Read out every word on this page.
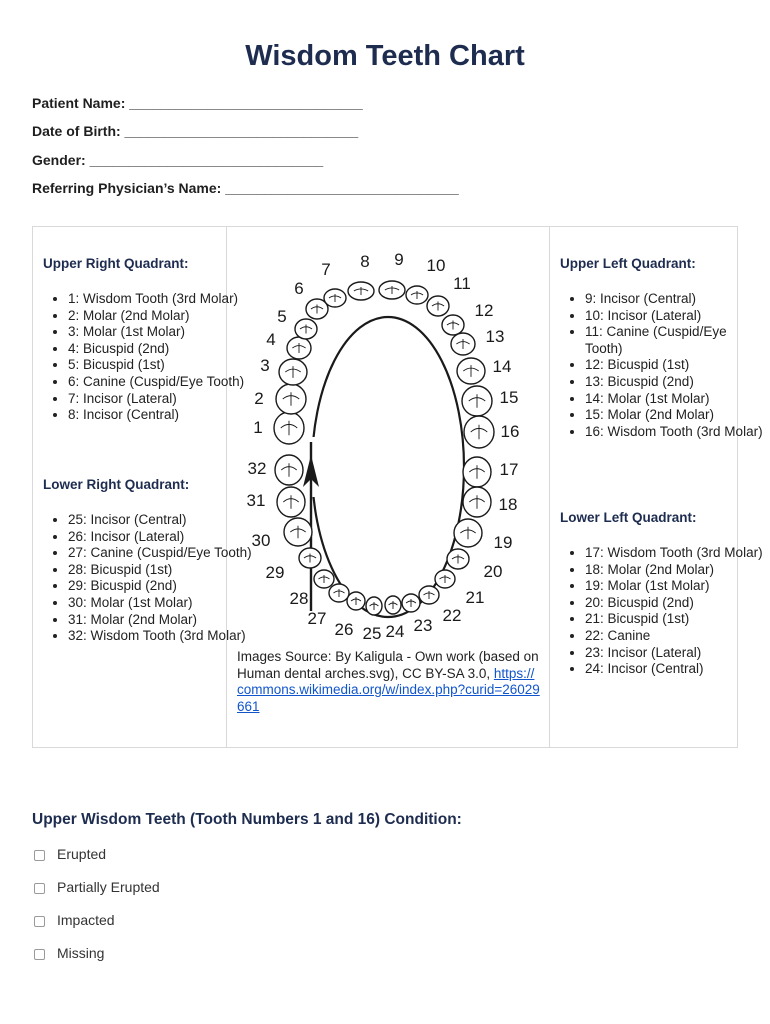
Wisdom Teeth Chart
Patient Name: ______________________________
Date of Birth: ______________________________
Gender: ______________________________
Referring Physician’s Name: ______________________________
Upper Right Quadrant:
• 1: Wisdom Tooth (3rd Molar)
• 2: Molar (2nd Molar)
• 3: Molar (1st Molar)
• 4: Bicuspid (2nd)
• 5: Bicuspid (1st)
• 6: Canine (Cuspid/Eye Tooth)
• 7: Incisor (Lateral)
• 8: Incisor (Central)
Lower Right Quadrant:
• 25: Incisor (Central)
• 26: Incisor (Lateral)
• 27: Canine (Cuspid/Eye Tooth)
• 28: Bicuspid (1st)
• 29: Bicuspid (2nd)
• 30: Molar (1st Molar)
• 31: Molar (2nd Molar)
• 32: Wisdom Tooth (3rd Molar)
1
2
3
4
5
6
7 8 9 10
11
12
13
14
15
16
17
18
19
20
21
22
23
24
25
26
27
28
29
30
31
32
Images Source: By Kaligula - Own work (based on Human dental arches.svg), CC BY-SA 3.0, https://commons.wikimedia.org/w/index.php?curid=26029661
Upper Left Quadrant:
• 9: Incisor (Central)
• 10: Incisor (Lateral)
• 11: Canine (Cuspid/Eye Tooth)
• 12: Bicuspid (1st)
• 13: Bicuspid (2nd)
• 14: Molar (1st Molar)
• 15: Molar (2nd Molar)
• 16: Wisdom Tooth (3rd Molar)
Lower Left Quadrant:
• 17: Wisdom Tooth (3rd Molar)
• 18: Molar (2nd Molar)
• 19: Molar (1st Molar)
• 20: Bicuspid (2nd)
• 21: Bicuspid (1st)
• 22: Canine
• 23: Incisor (Lateral)
• 24: Incisor (Central)
Upper Wisdom Teeth (Tooth Numbers 1 and 16) Condition:
Erupted
Partially Erupted
Impacted
Missing
